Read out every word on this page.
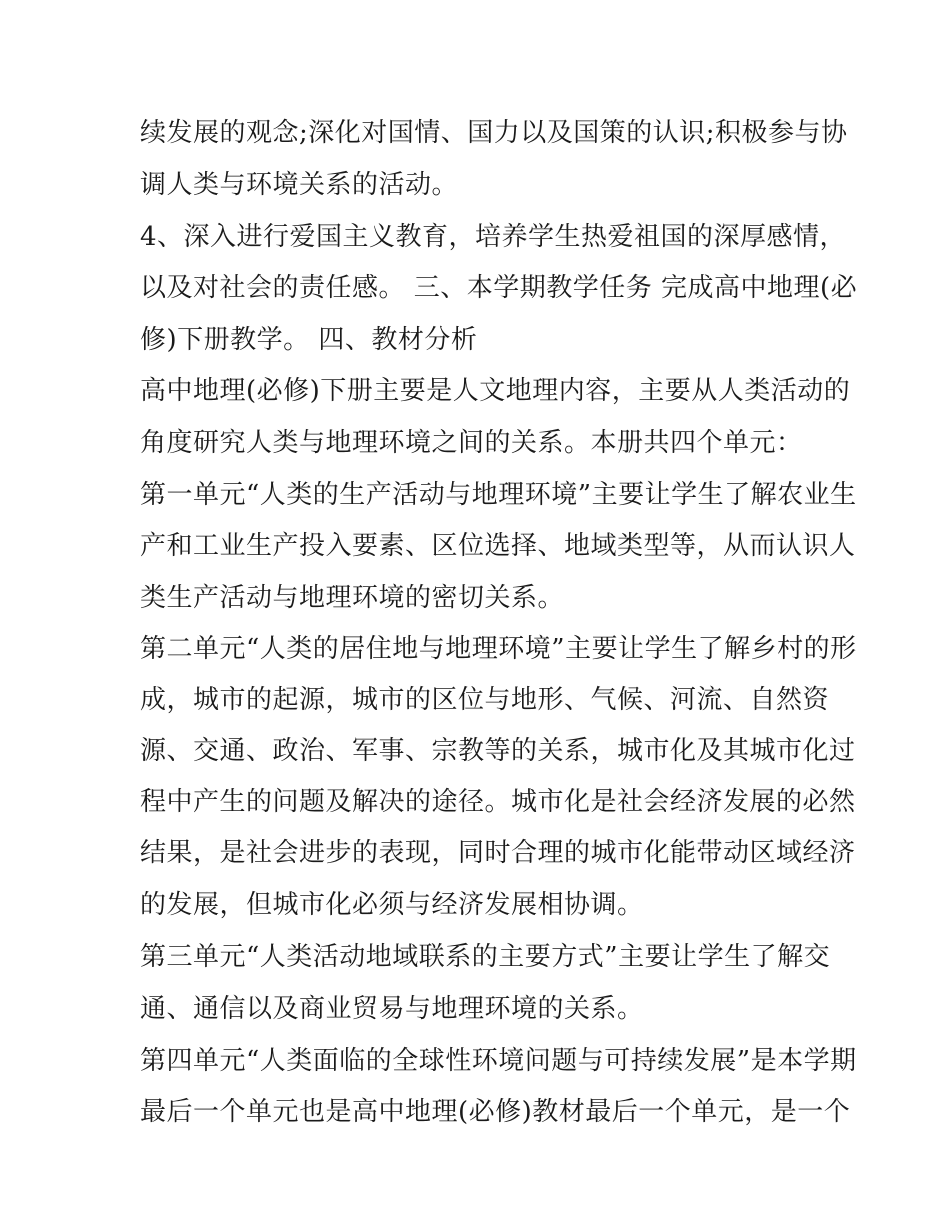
续发展的观念;深化对国情、国力以及国策的认识;积极参与协
调人类与环境关系的活动。
4、深入进行爱国主义教育，培养学生热爱祖国的深厚感情，
以及对社会的责任感。 三、本学期教学任务 完成高中地理(必
修)下册教学。 四、教材分析
高中地理(必修)下册主要是人文地理内容，主要从人类活动的
角度研究人类与地理环境之间的关系。本册共四个单元：
第一单元“人类的生产活动与地理环境”主要让学生了解农业生
产和工业生产投入要素、区位选择、地域类型等，从而认识人
类生产活动与地理环境的密切关系。
第二单元“人类的居住地与地理环境”主要让学生了解乡村的形
成，城市的起源，城市的区位与地形、气候、河流、自然资
源、交通、政治、军事、宗教等的关系，城市化及其城市化过
程中产生的问题及解决的途径。城市化是社会经济发展的必然
结果，是社会进步的表现，同时合理的城市化能带动区域经济
的发展，但城市化必须与经济发展相协调。
第三单元“人类活动地域联系的主要方式”主要让学生了解交
通、通信以及商业贸易与地理环境的关系。
第四单元“人类面临的全球性环境问题与可持续发展”是本学期
最后一个单元也是高中地理(必修)教材最后一个单元，是一个
